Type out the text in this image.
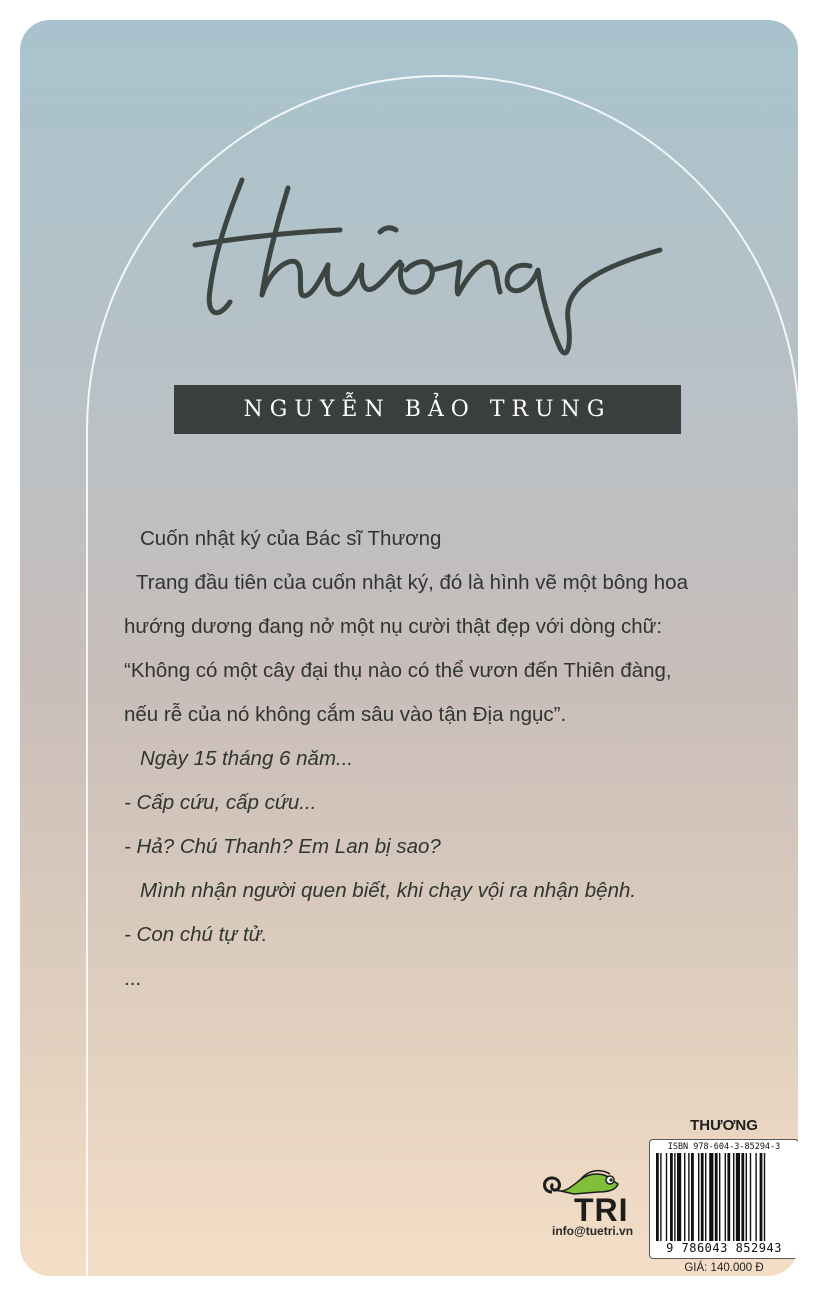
NGUYỄN BẢO TRUNG

Cuốn nhật ký của Bác sĩ Thương

Trang đầu tiên của cuốn nhật ký, đó là hình vẽ một bông hoa

hướng dương đang nở một nụ cười thật đẹp với dòng chữ:

“Không có một cây đại thụ nào có thể vươn đến Thiên đàng,

nếu rễ của nó không cắm sâu vào tận Địa ngục”.

Ngày 15 tháng 6 năm...

- Cấp cứu, cấp cứu...

- Hả? Chú Thanh? Em Lan bị sao?

Mình nhận người quen biết, khi chạy vội ra nhận bệnh.

- Con chú tự tử.

...

TRI
info@tuetri.vn
THƯƠNG
ISBN 978-604-3-85294-3
9 786043 852943
GIÁ: 140.000 Đ
